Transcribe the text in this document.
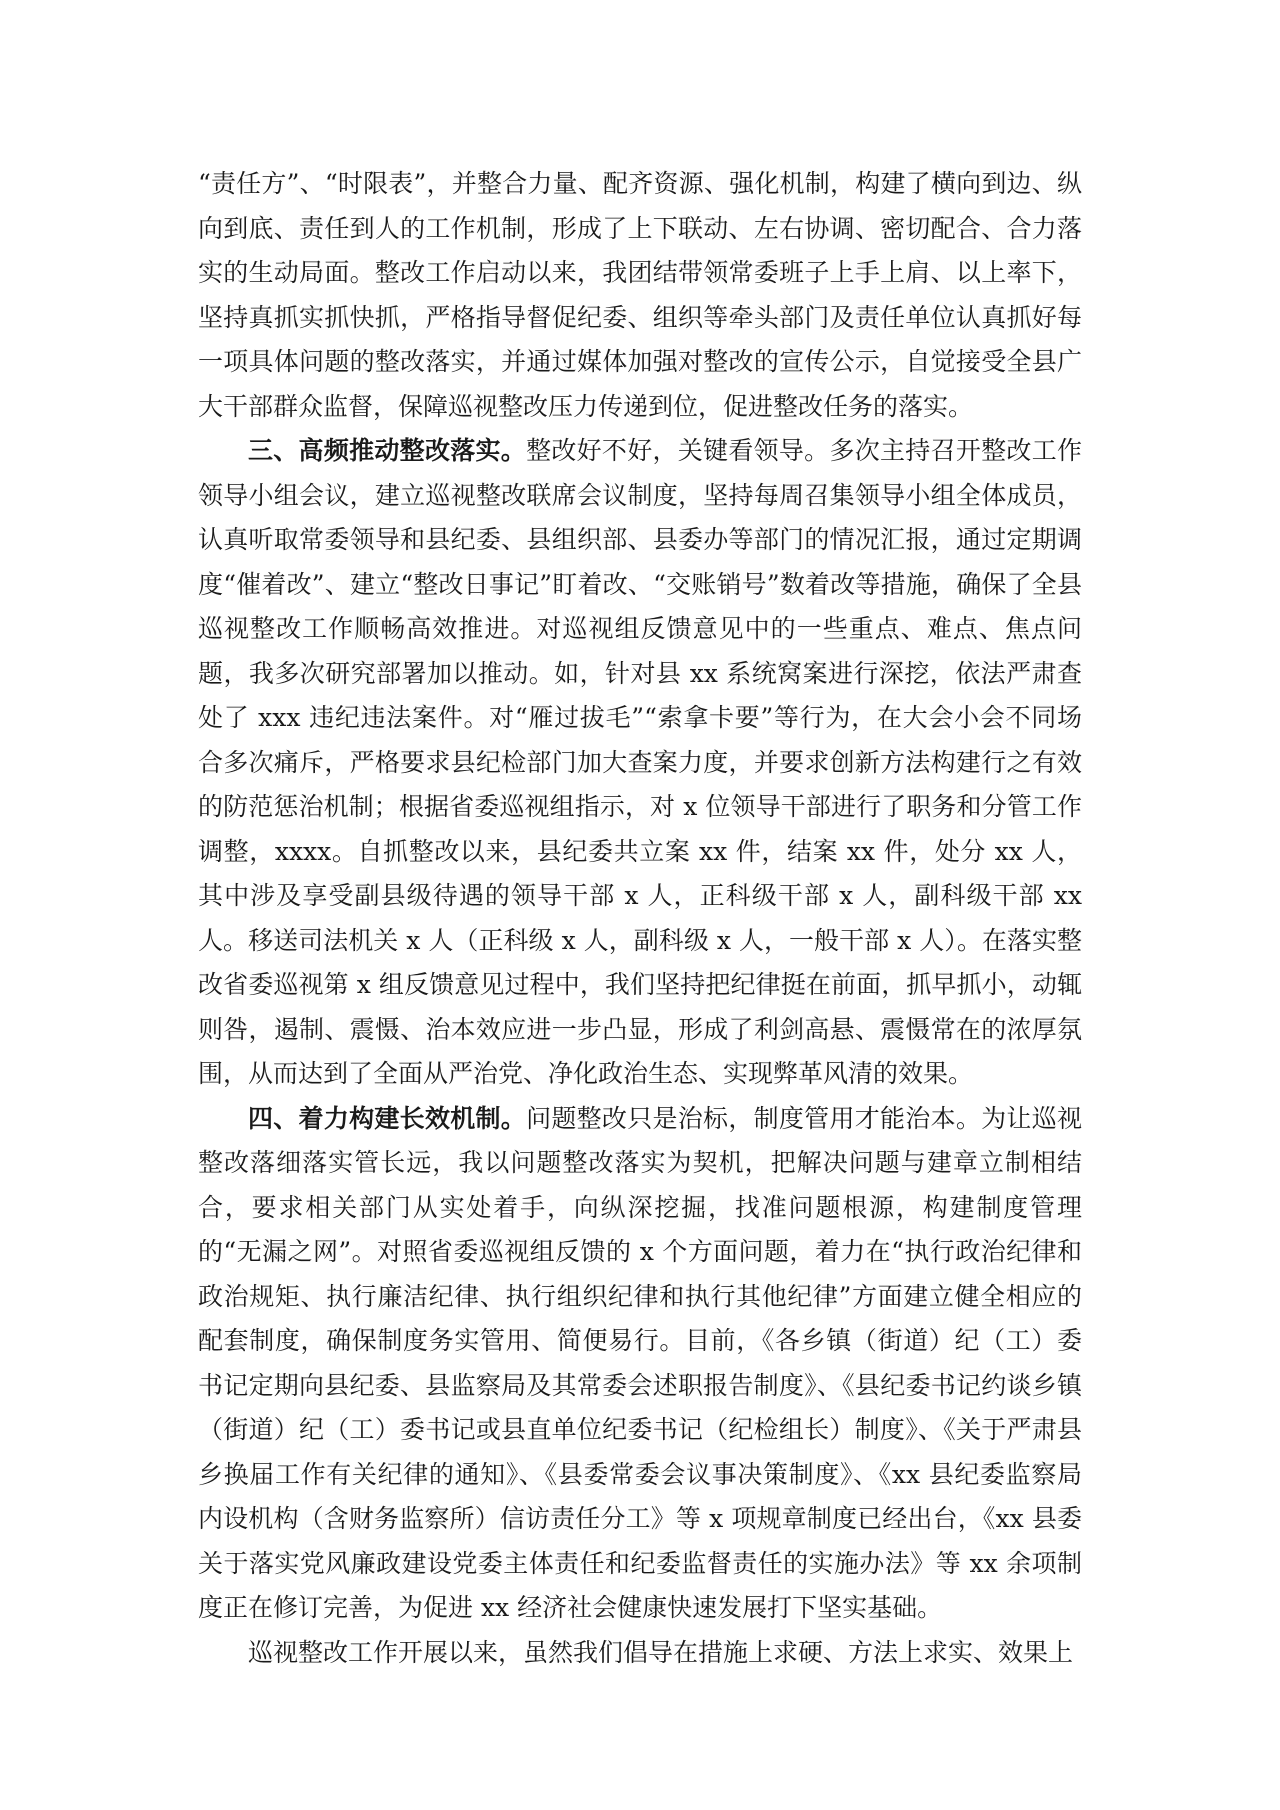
“责任方”、“时限表”，并整合力量、配齐资源、强化机制，构建了横向到边、纵向到底、责任到人的工作机制，形成了上下联动、左右协调、密切配合、合力落实的生动局面。整改工作启动以来，我团结带领常委班子上手上肩、以上率下，坚持真抓实抓快抓，严格指导督促纪委、组织等牵头部门及责任单位认真抓好每一项具体问题的整改落实，并通过媒体加强对整改的宣传公示，自觉接受全县广大干部群众监督，保障巡视整改压力传递到位，促进整改任务的落实。

三、高频推动整改落实。整改好不好，关键看领导。多次主持召开整改工作领导小组会议，建立巡视整改联席会议制度，坚持每周召集领导小组全体成员，认真听取常委领导和县纪委、县组织部、县委办等部门的情况汇报，通过定期调度“催着改”、建立“整改日事记”盯着改、“交账销号”数着改等措施，确保了全县巡视整改工作顺畅高效推进。对巡视组反馈意见中的一些重点、难点、焦点问题，我多次研究部署加以推动。如，针对县 xx 系统窝案进行深挖，依法严肃查处了 xxx 违纪违法案件。对“雁过拔毛”“索拿卡要”等行为，在大会小会不同场合多次痛斥，严格要求县纪检部门加大查案力度，并要求创新方法构建行之有效的防范惩治机制；根据省委巡视组指示，对 x 位领导干部进行了职务和分管工作调整，xxxx。自抓整改以来，县纪委共立案 xx 件，结案 xx 件，处分 xx 人，其中涉及享受副县级待遇的领导干部 x 人，正科级干部 x 人，副科级干部 xx 人。移送司法机关 x 人（正科级 x 人，副科级 x 人，一般干部 x 人）。在落实整改省委巡视第 x 组反馈意见过程中，我们坚持把纪律挺在前面，抓早抓小，动辄则咎，遏制、震慑、治本效应进一步凸显，形成了利剑高悬、震慑常在的浓厚氛围，从而达到了全面从严治党、净化政治生态、实现弊革风清的效果。

四、着力构建长效机制。问题整改只是治标，制度管用才能治本。为让巡视整改落细落实管长远，我以问题整改落实为契机，把解决问题与建章立制相结合，要求相关部门从实处着手，向纵深挖掘，找准问题根源，构建制度管理的“无漏之网”。对照省委巡视组反馈的 x 个方面问题，着力在“执行政治纪律和政治规矩、执行廉洁纪律、执行组织纪律和执行其他纪律”方面建立健全相应的配套制度，确保制度务实管用、简便易行。目前，《各乡镇（街道）纪（工）委书记定期向县纪委、县监察局及其常委会述职报告制度》、《县纪委书记约谈乡镇（街道）纪（工）委书记或县直单位纪委书记（纪检组长）制度》、《关于严肃县乡换届工作有关纪律的通知》、《县委常委会议事决策制度》、《xx 县纪委监察局内设机构（含财务监察所）信访责任分工》等 x 项规章制度已经出台，《xx 县委关于落实党风廉政建设党委主体责任和纪委监督责任的实施办法》等 xx 余项制度正在修订完善，为促进 xx 经济社会健康快速发展打下坚实基础。

巡视整改工作开展以来，虽然我们倡导在措施上求硬、方法上求实、效果上
